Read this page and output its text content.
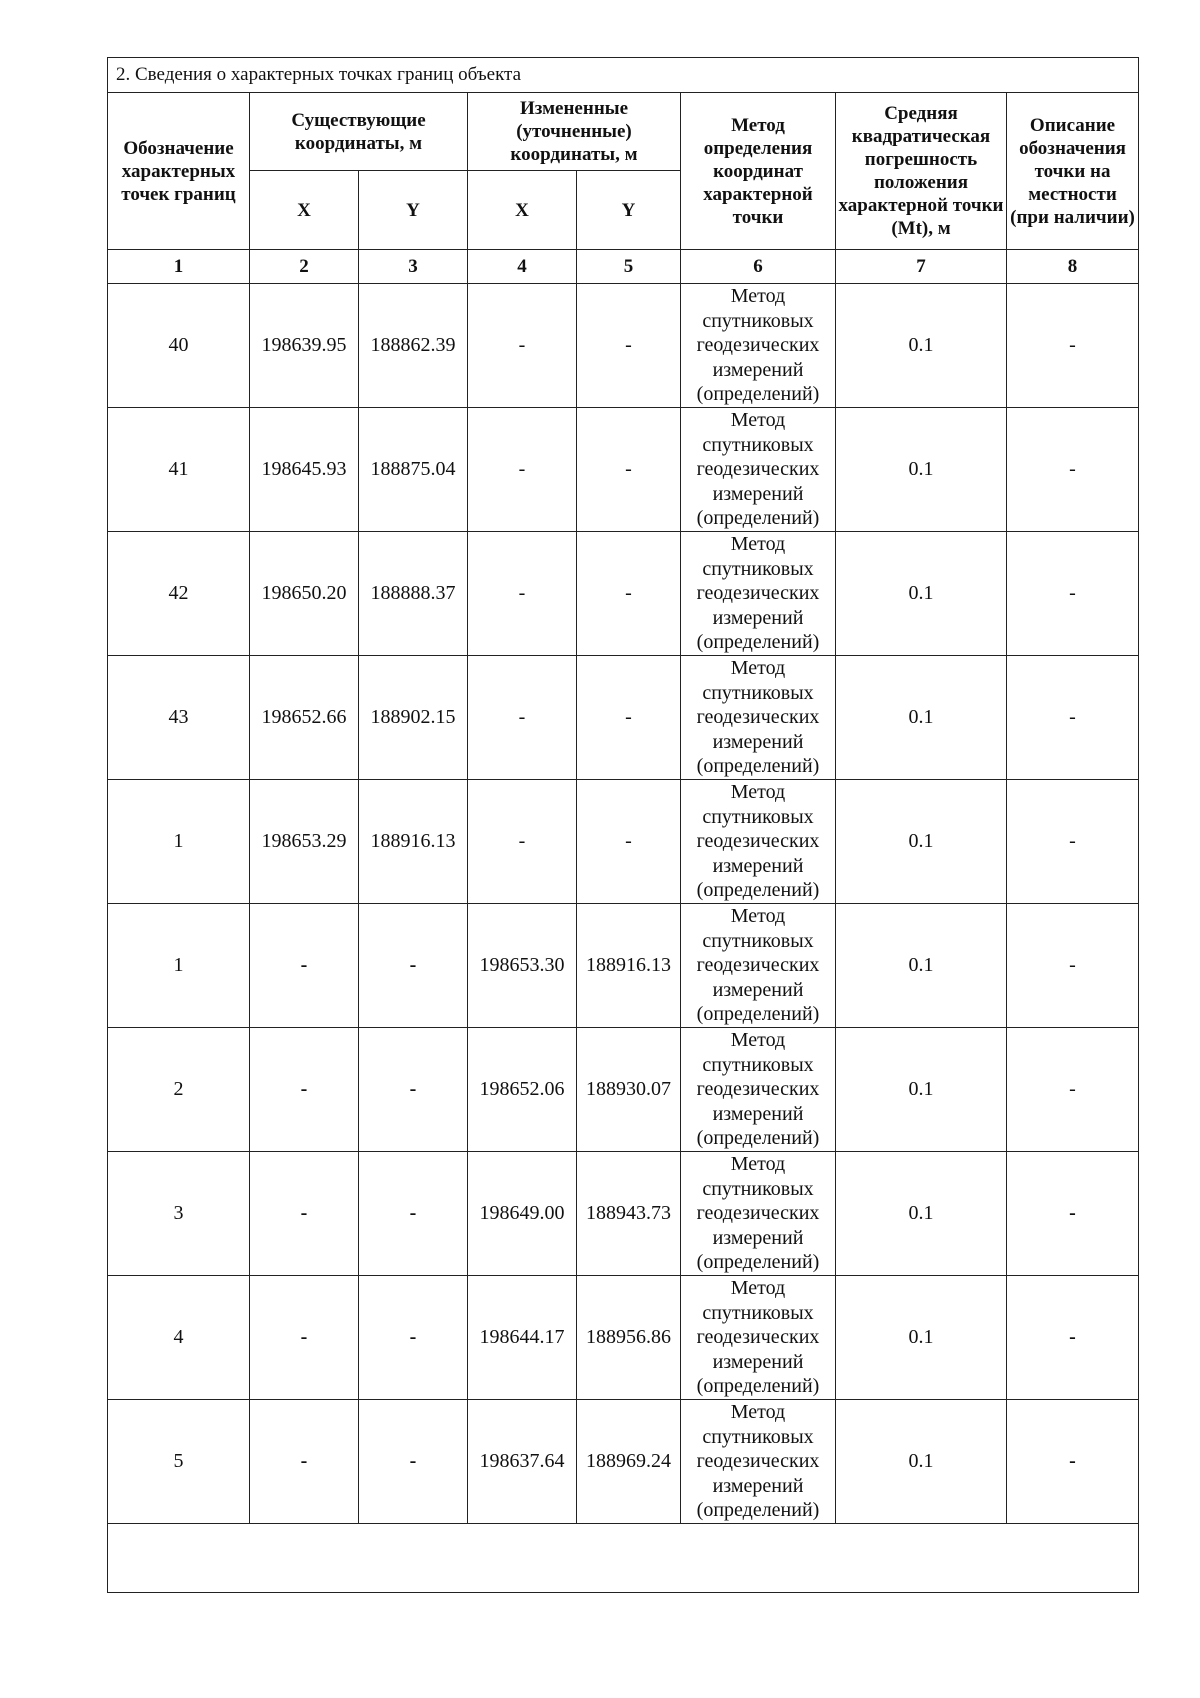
2. Сведения о характерных точках границ объекта							
Обозначение характерных точек границ	Существующие координаты, м		Измененные (уточненные) координаты, м		Метод определения координат характерной точки	Средняя квадратическая погрешность положения характерной точки (Mt), м	Описание обозначения точки на местности (при наличии)
	X	Y	X	Y			
1	2	3	4	5	6	7	8
40	198639.95	188862.39	-	-	Метод спутниковых геодезических измерений (определений)	0.1	-
41	198645.93	188875.04	-	-	Метод спутниковых геодезических измерений (определений)	0.1	-
42	198650.20	188888.37	-	-	Метод спутниковых геодезических измерений (определений)	0.1	-
43	198652.66	188902.15	-	-	Метод спутниковых геодезических измерений (определений)	0.1	-
1	198653.29	188916.13	-	-	Метод спутниковых геодезических измерений (определений)	0.1	-
1	-	-	198653.30	188916.13	Метод спутниковых геодезических измерений (определений)	0.1	-
2	-	-	198652.06	188930.07	Метод спутниковых геодезических измерений (определений)	0.1	-
3	-	-	198649.00	188943.73	Метод спутниковых геодезических измерений (определений)	0.1	-
4	-	-	198644.17	188956.86	Метод спутниковых геодезических измерений (определений)	0.1	-
5	-	-	198637.64	188969.24	Метод спутниковых геодезических измерений (определений)	0.1	-
